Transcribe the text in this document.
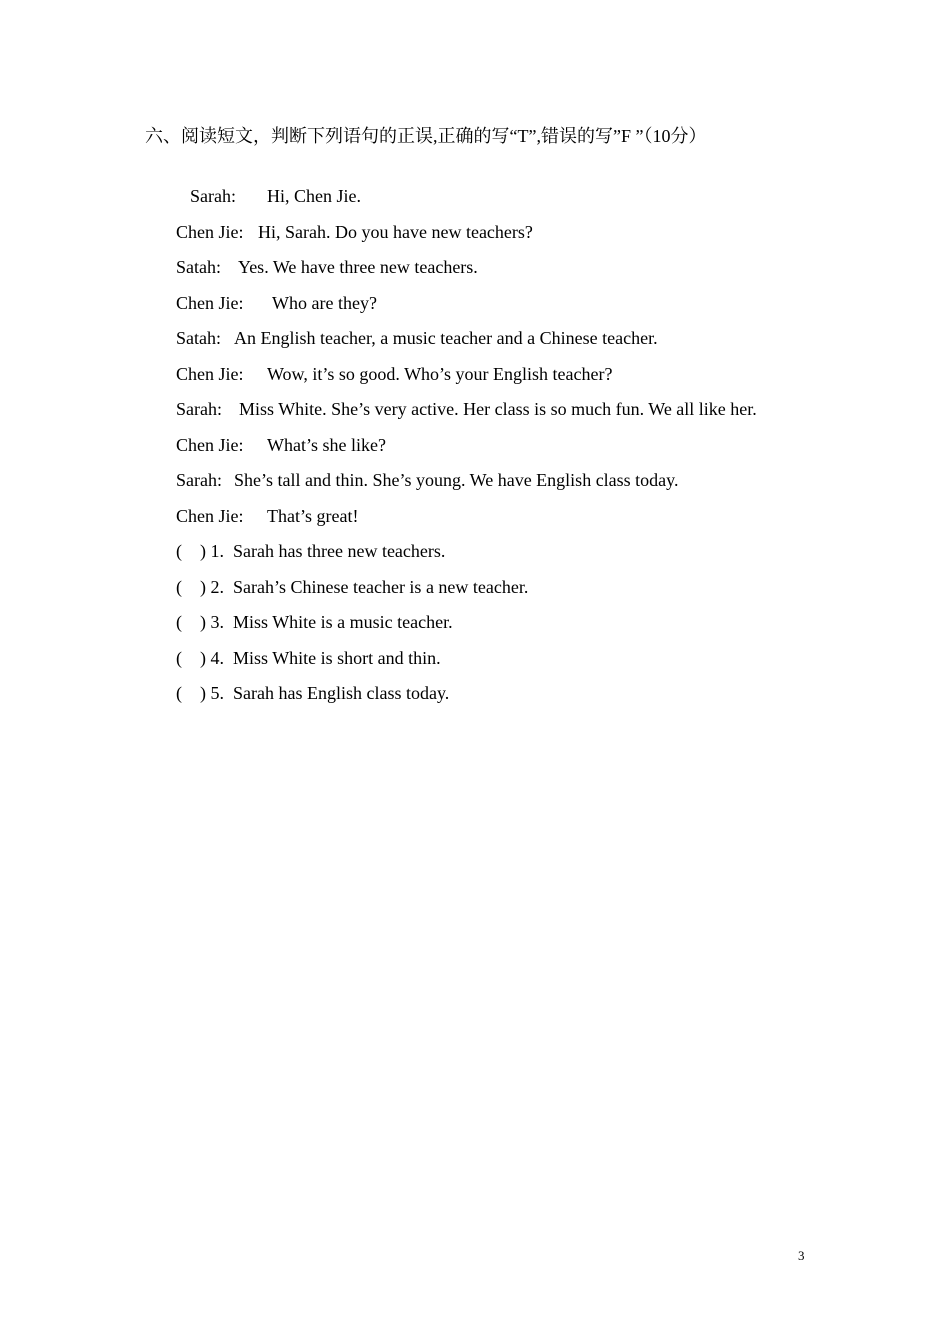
六、阅读短文，判断下列语句的正误,正确的写“T”,错误的写”F ”（10分）

Sarah: Hi, Chen Jie.

Chen Jie: Hi, Sarah. Do you have new teachers?

Satah: Yes. We have three new teachers.

Chen Jie: Who are they?

Satah: An English teacher, a music teacher and a Chinese teacher.

Chen Jie: Wow, it’s so good. Who’s your English teacher?

Sarah: Miss White. She’s very active. Her class is so much fun. We all like her.

Chen Jie: What’s she like?

Sarah: She’s tall and thin. She’s young. We have English class today.

Chen Jie: That’s great!

(    ) 1. Sarah has three new teachers.

(    ) 2. Sarah’s Chinese teacher is a new teacher.

(    ) 3. Miss White is a music teacher.

(    ) 4. Miss White is short and thin.

(    ) 5. Sarah has English class today.

3
